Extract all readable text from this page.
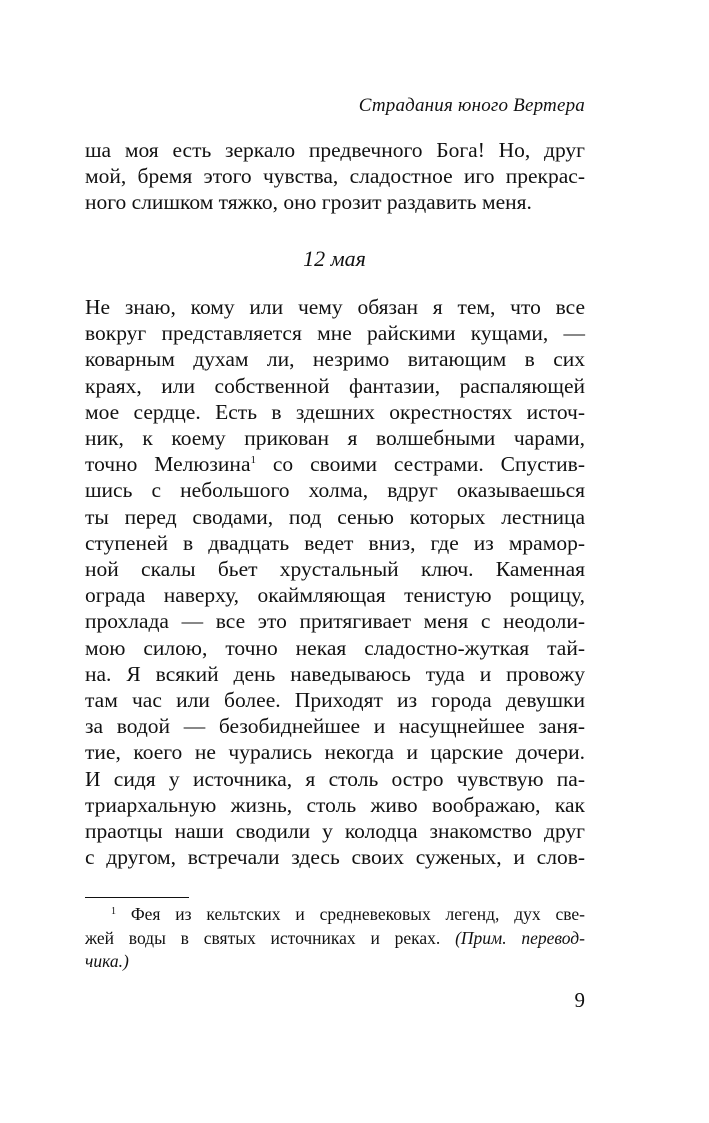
Страдания юного Вертера
ша моя есть зеркало предвечного Бога! Но, друг
мой, бремя этого чувства, сладостное иго прекрас-
ного слишком тяжко, оно грозит раздавить меня.
12 мая
Не знаю, кому или чему обязан я тем, что все
вокруг представляется мне райскими кущами, —
коварным духам ли, незримо витающим в сих
краях, или собственной фантазии, распаляющей
мое сердце. Есть в здешних окрестностях источ-
ник, к коему прикован я волшебными чарами,
точно Мелюзина$^1$ со своими сестрами. Спустив-
шись с небольшого холма, вдруг оказываешься
ты перед сводами, под сенью которых лестница
ступеней в двадцать ведет вниз, где из мрамор-
ной скалы бьет хрустальный ключ. Каменная
ограда наверху, окаймляющая тенистую рощицу,
прохлада — все это притягивает меня с неодоли-
мою силою, точно некая сладостно-жуткая тай-
на. Я всякий день наведываюсь туда и провожу
там час или более. Приходят из города девушки
за водой — безобиднейшее и насущнейшее заня-
тие, коего не чурались некогда и царские дочери.
И сидя у источника, я столь остро чувствую па-
триархальную жизнь, столь живо воображаю, как
праотцы наши сводили у колодца знакомство друг
с другом, встречали здесь своих суженых, и слов-
$^1$ Фея из кельтских и средневековых легенд, дух све-
жей воды в святых источниках и реках. (Прим. перевод-
чика.)
9
